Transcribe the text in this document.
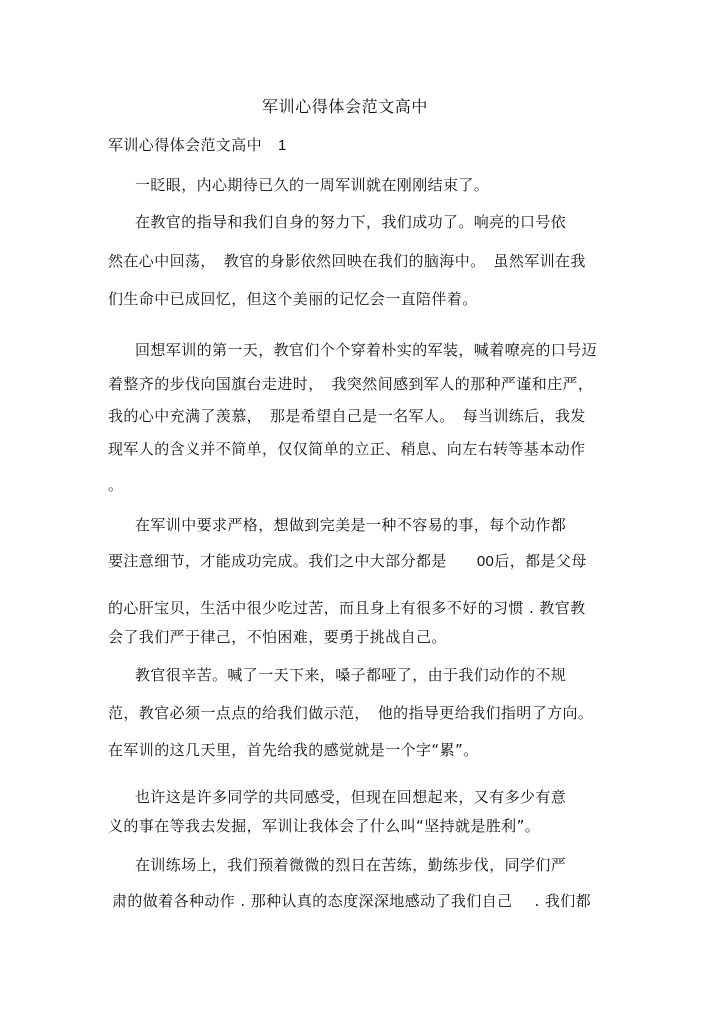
军训心得体会范文高中
军训心得体会范文高中 1
一眨眼，内心期待已久的一周军训就在刚刚结束了。
在教官的指导和我们自身的努力下，我们成功了。响亮的口号依
然在心中回荡，　教官的身影依然回映在我们的脑海中。　虽然军训在我
们生命中已成回忆，但这个美丽的记忆会一直陪伴着。
回想军训的第一天，教官们个个穿着朴实的军装，喊着嘹亮的口号迈
着整齐的步伐向国旗台走进时，　我突然间感到军人的那种严谨和庄严，
我的心中充满了羡慕，　那是希望自己是一名军人。　每当训练后，我发
现军人的含义并不简单，仅仅简单的立正、稍息、向左右转等基本动作
。
在军训中要求严格，想做到完美是一种不容易的事，每个动作都
要注意细节，才能成功完成。我们之中大部分都是 00后，都是父母
的心肝宝贝，生活中很少吃过苦，而且身上有很多不好的习惯 . 教官教
会了我们严于律己，不怕困难，要勇于挑战自己。
教官很辛苦。喊了一天下来，嗓子都哑了，由于我们动作的不规
范，教官必须一点点的给我们做示范，　他的指导更给我们指明了方向。
在军训的这几天里，首先给我的感觉就是一个字“累”。
也许这是许多同学的共同感受，但现在回想起来，又有多少有意
义的事在等我去发掘，军训让我体会了什么叫“坚持就是胜利”。
在训练场上，我们预着微微的烈日在苦练，勤练步伐，同学们严
肃的做着各种动作 . 那种认真的态度深深地感动了我们自己 . 我们都
